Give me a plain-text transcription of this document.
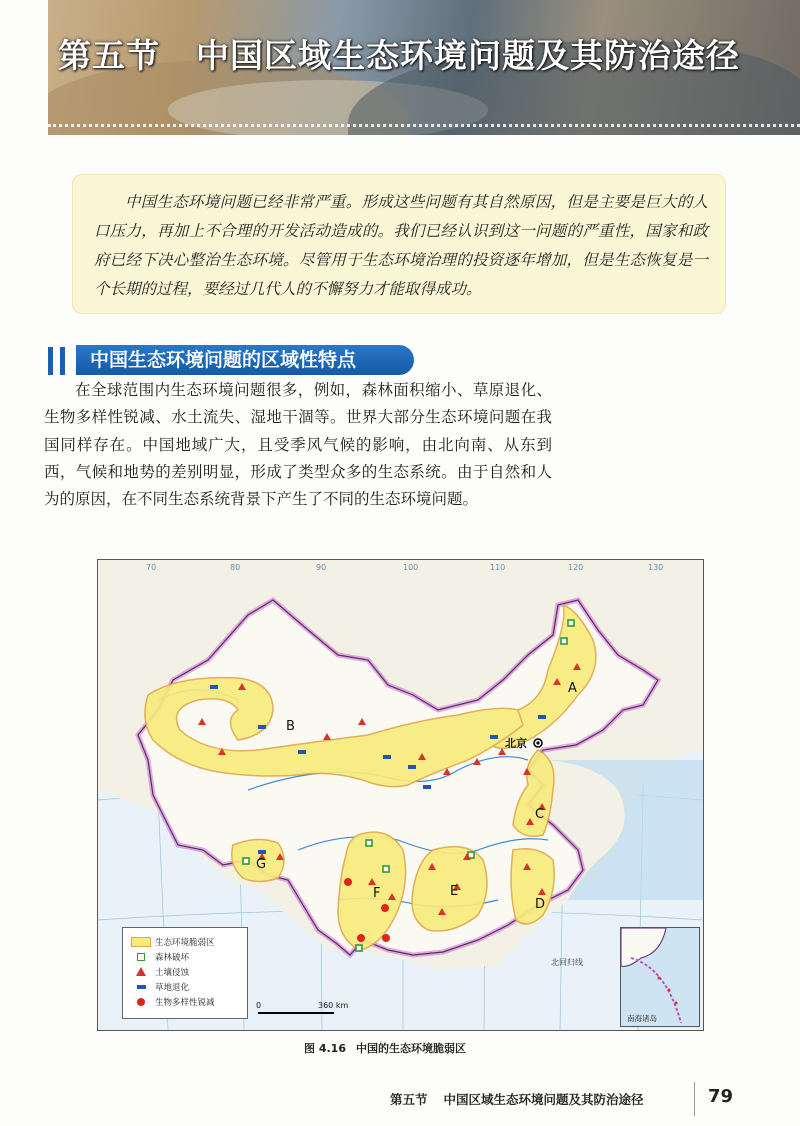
第五节 中国区域生态环境问题及其防治途径

中国生态环境问题已经非常严重。形成这些问题有其自然原因，但是主要是巨大的人口压力，再加上不合理的开发活动造成的。我们已经认识到这一问题的严重性，国家和政府已经下决心整治生态环境。尽管用于生态环境治理的投资逐年增加，但是生态恢复是一个长期的过程，要经过几代人的不懈努力才能取得成功。

中国生态环境问题的区域性特点

在全球范围内生态环境问题很多，例如，森林面积缩小、草原退化、生物多样性锐减、水土流失、湿地干涸等。世界大部分生态环境问题在我国同样存在。中国地域广大，且受季风气候的影响，由北向南、从东到西，气候和地势的差别明显，形成了类型众多的生态系统。由于自然和人为的原因，在不同生态系统背景下产生了不同的生态环境问题。

70	80	90	100	110	120	130
A
B
C
D
E
F
G
北京
北回归线
生态环境脆弱区
森林破坏
土壤侵蚀
草地退化
生物多样性锐减	0	360 km
南海诸岛
图 4.16 中国的生态环境脆弱区
第五节 中国区域生态环境问题及其防治途径	79
